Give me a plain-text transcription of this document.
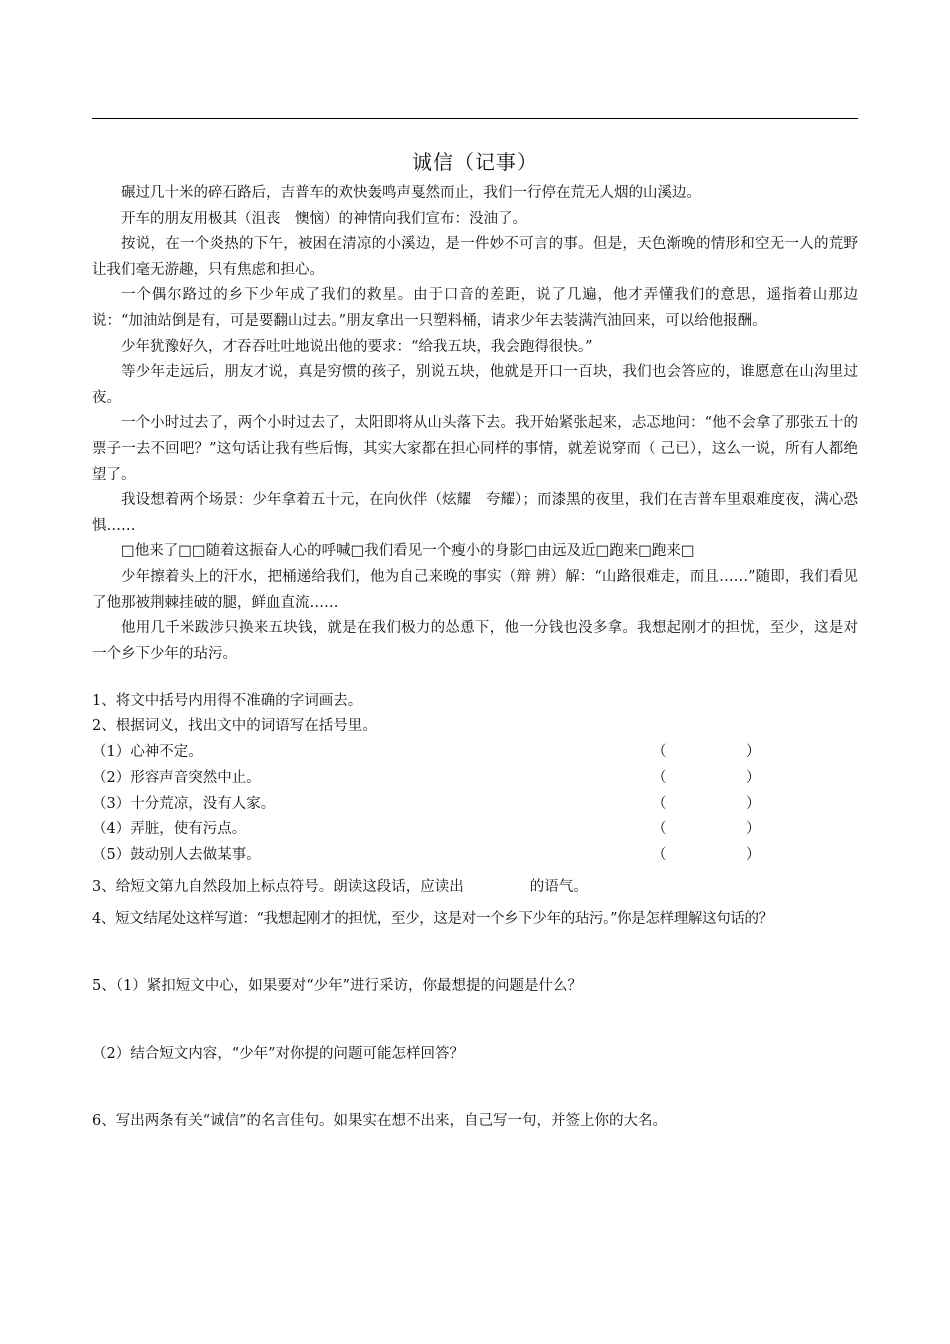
诚信（记事）

碾过几十米的碎石路后，吉普车的欢快轰鸣声戛然而止，我们一行停在荒无人烟的山溪边。

开车的朋友用极其（沮丧　懊恼）的神情向我们宣布：没油了。

按说，在一个炎热的下午，被困在清凉的小溪边，是一件妙不可言的事。但是，天色渐晚的情形和空无一人的荒野让我们毫无游趣，只有焦虑和担心。

一个偶尔路过的乡下少年成了我们的救星。由于口音的差距，说了几遍，他才弄懂我们的意思，遥指着山那边说：“加油站倒是有，可是要翻山过去。”朋友拿出一只塑料桶，请求少年去装满汽油回来，可以给他报酬。

少年犹豫好久，才吞吞吐吐地说出他的要求：“给我五块，我会跑得很快。”

等少年走远后，朋友才说，真是穷惯的孩子，别说五块，他就是开口一百块，我们也会答应的，谁愿意在山沟里过夜。

一个小时过去了，两个小时过去了，太阳即将从山头落下去。我开始紧张起来，忐忑地问：“他不会拿了那张五十的票子一去不回吧？”这句话让我有些后悔，其实大家都在担心同样的事情，就差说穿而（ 己已），这么一说，所有人都绝望了。

我设想着两个场景：少年拿着五十元，在向伙伴（炫耀　夸耀）；而漆黑的夜里，我们在吉普车里艰难度夜，满心恐惧……

□他来了□□随着这振奋人心的呼喊□我们看见一个瘦小的身影□由远及近□跑来□跑来□

少年擦着头上的汗水，把桶递给我们，他为自己来晚的事实（辩 辨）解：“山路很难走，而且……”随即，我们看见了他那被荆棘挂破的腿，鲜血直流……

他用几千米跋涉只换来五块钱，就是在我们极力的怂恿下，他一分钱也没多拿。我想起刚才的担忧，至少，这是对一个乡下少年的玷污。

1、将文中括号内用得不准确的字词画去。
2、根据词义，找出文中的词语写在括号里。
（1）心神不定。	（	）
（2）形容声音突然中止。	（	）
（3）十分荒凉，没有人家。	（	）
（4）弄脏，使有污点。	（	）
（5）鼓动别人去做某事。	（	）
3、给短文第九自然段加上标点符号。朗读这段话，应读出	的语气。
4、短文结尾处这样写道：“我想起刚才的担忧，至少，这是对一个乡下少年的玷污。”你是怎样理解这句话的？
5、（1）紧扣短文中心，如果要对“少年”进行采访，你最想提的问题是什么？
（2）结合短文内容，“少年”对你提的问题可能怎样回答？
6、写出两条有关“诚信”的名言佳句。如果实在想不出来，自己写一句，并签上你的大名。
